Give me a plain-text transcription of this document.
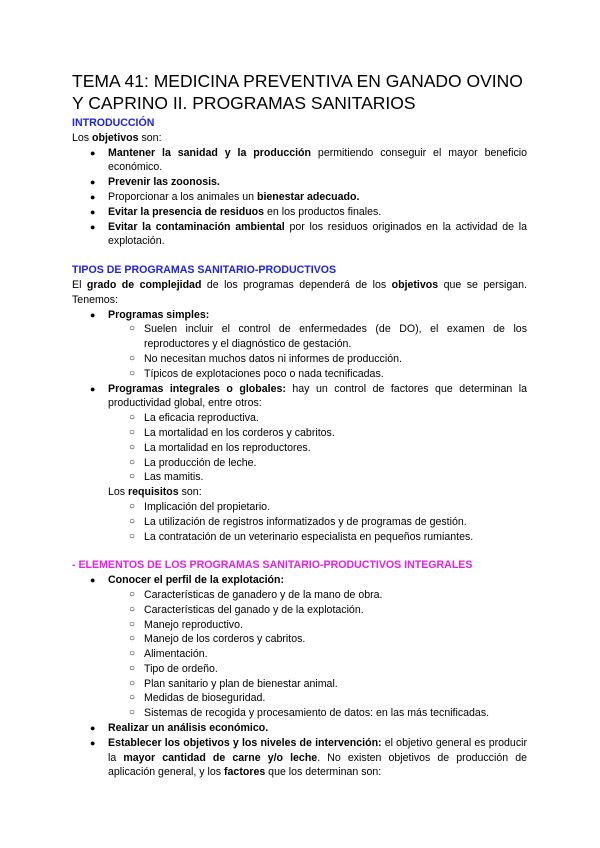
TEMA 41: MEDICINA PREVENTIVA EN GANADO OVINO Y CAPRINO II. PROGRAMAS SANITARIOS
INTRODUCCIÓN

Los objetivos son:

● Mantener la sanidad y la producción permitiendo conseguir el mayor beneficio económico.
● Prevenir las zoonosis.
● Proporcionar a los animales un bienestar adecuado.
● Evitar la presencia de residuos en los productos finales.
● Evitar la contaminación ambiental por los residuos originados en la actividad de la explotación.
TIPOS DE PROGRAMAS SANITARIO-PRODUCTIVOS

El grado de complejidad de los programas dependerá de los objetivos que se persigan. Tenemos:

● Programas simples:
○ Suelen incluir el control de enfermedades (de DO), el examen de los reproductores y el diagnóstico de gestación.
○ No necesitan muchos datos ni informes de producción.
○ Típicos de explotaciones poco o nada tecnificadas.
● Programas integrales o globales: hay un control de factores que determinan la productividad global, entre otros:
○ La eficacia reproductiva.
○ La mortalidad en los corderos y cabritos.
○ La mortalidad en los reproductores.
○ La producción de leche.
○ Las mamitis.

Los requisitos son:

○ Implicación del propietario.
○ La utilización de registros informatizados y de programas de gestión.
○ La contratación de un veterinario especialista en pequeños rumiantes.
- ELEMENTOS DE LOS PROGRAMAS SANITARIO-PRODUCTIVOS INTEGRALES
● Conocer el perfil de la explotación:
○ Características de ganadero y de la mano de obra.
○ Características del ganado y de la explotación.
○ Manejo reproductivo.
○ Manejo de los corderos y cabritos.
○ Alimentación.
○ Tipo de ordeño.
○ Plan sanitario y plan de bienestar animal.
○ Medidas de bioseguridad.
○ Sistemas de recogida y procesamiento de datos: en las más tecnificadas.
● Realizar un análisis económico.
● Establecer los objetivos y los niveles de intervención: el objetivo general es producir la mayor cantidad de carne y/o leche. No existen objetivos de producción de aplicación general, y los factores que los determinan son:
